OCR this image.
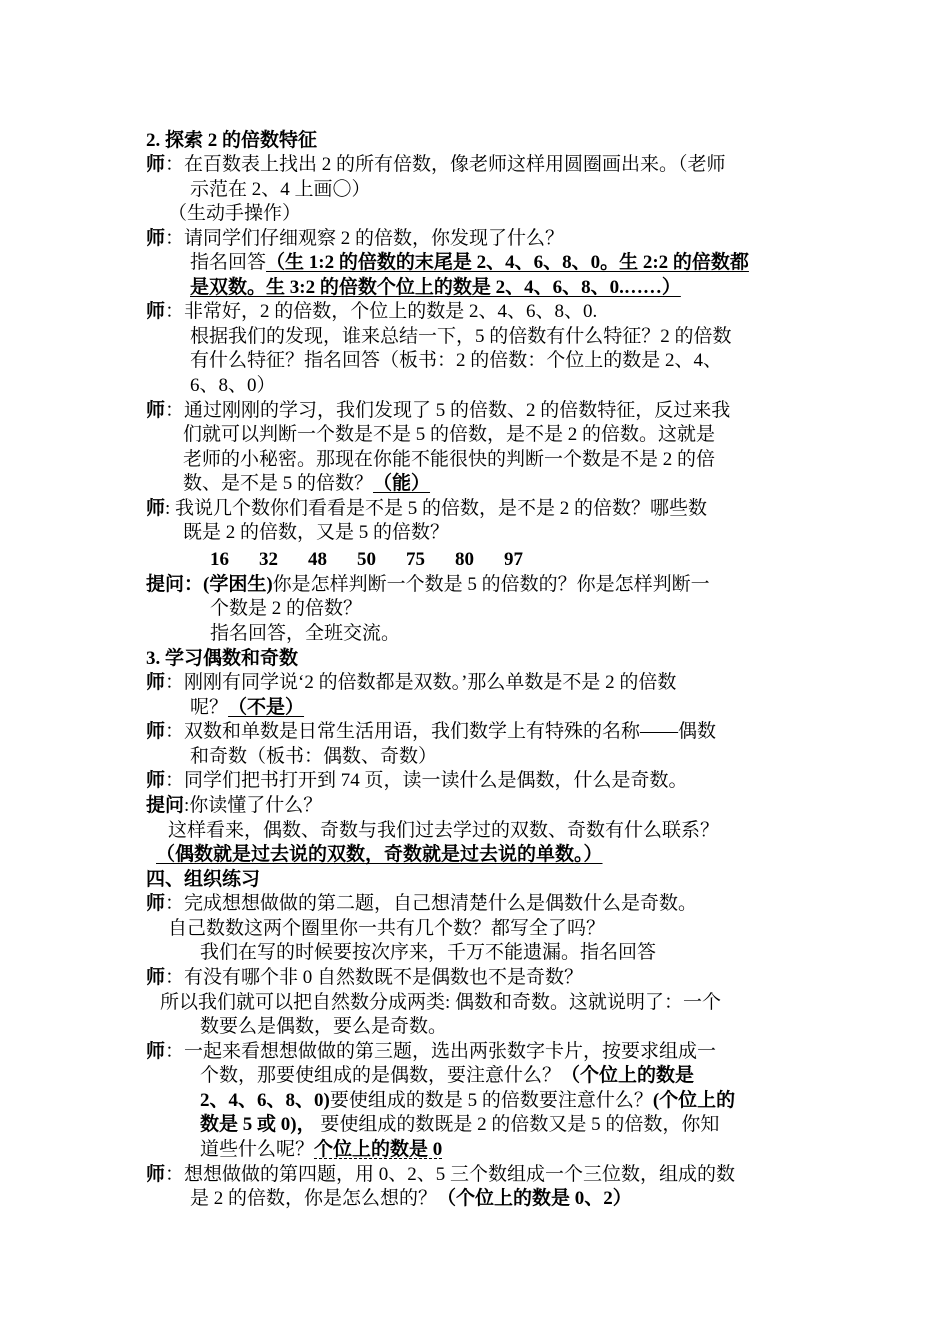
2. 探索 2 的倍数特征
师：在百数表上找出 2 的所有倍数，像老师这样用圆圈画出来。（老师
示范在 2、4 上画〇）
（生动手操作）
师：请同学们仔细观察 2 的倍数，你发现了什么？
指名回答（生 1:2 的倍数的末尾是 2、4、6、8、0。生 2:2 的倍数都
是双数。生 3:2 的倍数个位上的数是 2、4、6、8、0.……）
师：非常好，2 的倍数，个位上的数是 2、4、6、8、0.
根据我们的发现，谁来总结一下，5 的倍数有什么特征？2 的倍数
有什么特征？指名回答（板书：2 的倍数：个位上的数是 2、4、
6、8、0）
师：通过刚刚的学习，我们发现了 5 的倍数、2 的倍数特征，反过来我
们就可以判断一个数是不是 5 的倍数，是不是 2 的倍数。这就是
老师的小秘密。那现在你能不能很快的判断一个数是不是 2 的倍
数、是不是 5 的倍数？（能）
师: 我说几个数你们看看是不是 5 的倍数，是不是 2 的倍数？哪些数
既是 2 的倍数，又是 5 的倍数？
16 32 48 50 75 80 97
提问：(学困生)你是怎样判断一个数是 5 的倍数的？你是怎样判断一
个数是 2 的倍数？
指名回答，全班交流。
3. 学习偶数和奇数
师：刚刚有同学说‘2 的倍数都是双数。’那么单数是不是 2 的倍数
呢？（不是）
师：双数和单数是日常生活用语，我们数学上有特殊的名称——偶数
和奇数（板书：偶数、奇数）
师：同学们把书打开到 74 页，读一读什么是偶数，什么是奇数。
提问:你读懂了什么？
这样看来，偶数、奇数与我们过去学过的双数、奇数有什么联系？
（偶数就是过去说的双数，奇数就是过去说的单数。）
四、组织练习
师：完成想想做做的第二题，自己想清楚什么是偶数什么是奇数。
自己数数这两个圈里你一共有几个数？都写全了吗？
我们在写的时候要按次序来，千万不能遗漏。指名回答
师：有没有哪个非 0 自然数既不是偶数也不是奇数？
所以我们就可以把自然数分成两类: 偶数和奇数。这就说明了：一个
数要么是偶数，要么是奇数。
师：一起来看想想做做的第三题，选出两张数字卡片，按要求组成一
个数，那要使组成的是偶数，要注意什么？（个位上的数是
2、4、6、8、0)要使组成的数是 5 的倍数要注意什么？(个位上的
数是 5 或 0)， 要使组成的数既是 2 的倍数又是 5 的倍数，你知
道些什么呢？个位上的数是 0
师：想想做做的第四题，用 0、2、5 三个数组成一个三位数，组成的数
是 2 的倍数，你是怎么想的？（个位上的数是 0、2）
